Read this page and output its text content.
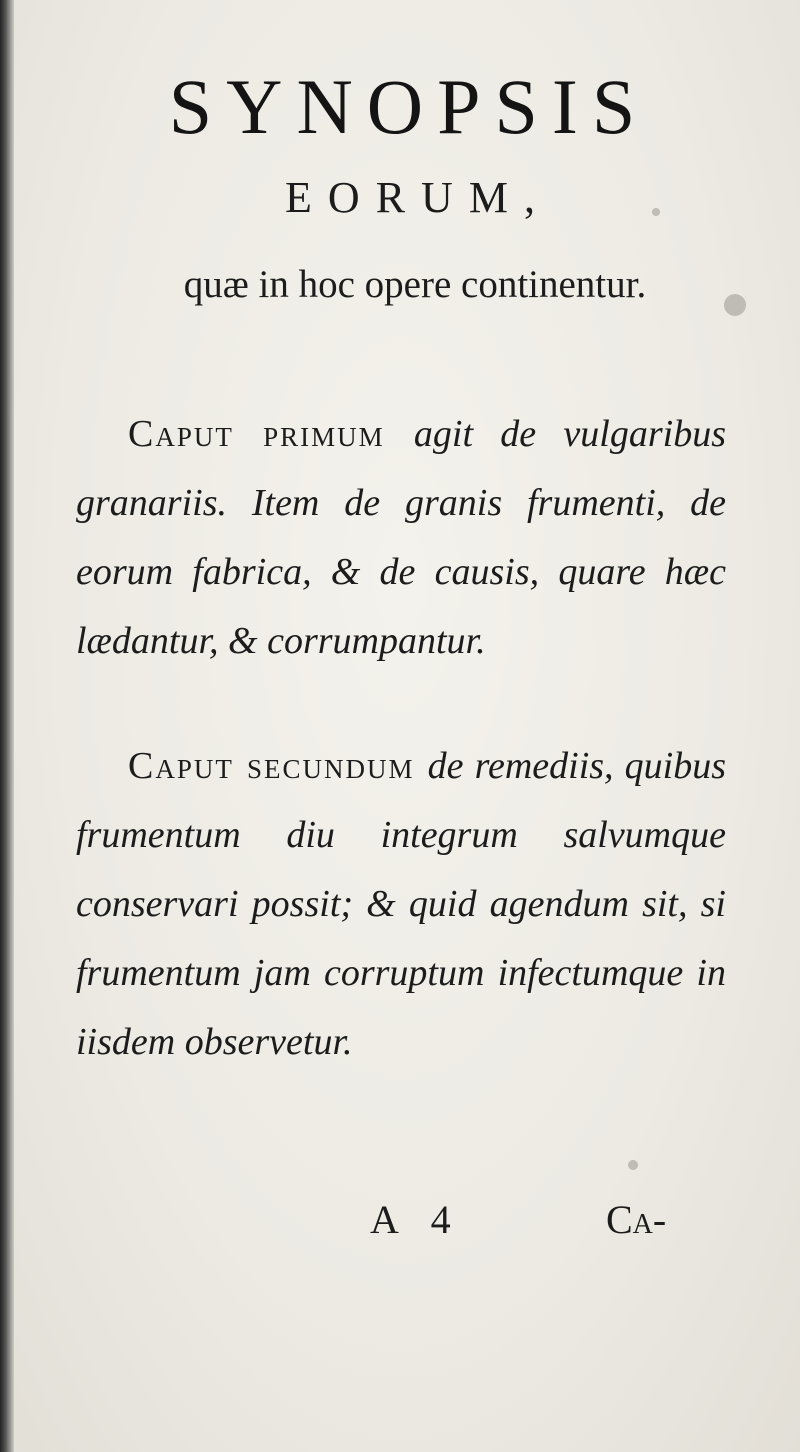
SYNOPSIS
EORUM,
quæ in hoc opere continentur.
Caput primum agit de vulgaribus granariis. Item de granis frumenti, de eorum fabrica, & de causis, quare hæc lædantur, & corrumpantur.
Caput secundum de remediis, quibus frumentum diu integrum salvumque conservari possit; & quid agendum sit, si frumentum jam corruptum infectumque in iisdem observetur.
A 4	Ca-
